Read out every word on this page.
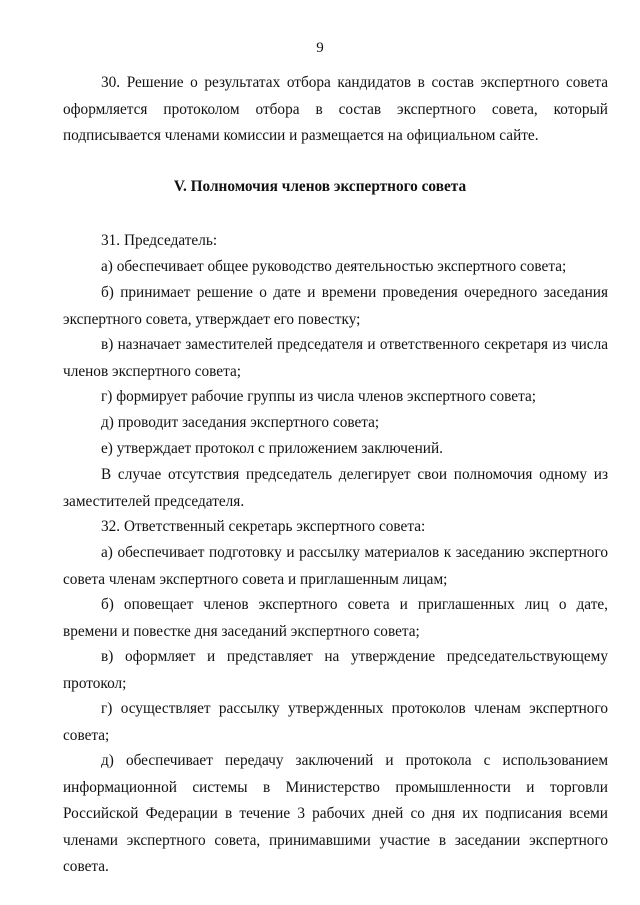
9

30. Решение о результатах отбора кандидатов в состав экспертного совета оформляется протоколом отбора в состав экспертного совета, который подписывается членами комиссии и размещается на официальном сайте.

V. Полномочия членов экспертного совета

31. Председатель:

а) обеспечивает общее руководство деятельностью экспертного совета;

б) принимает решение о дате и времени проведения очередного заседания экспертного совета, утверждает его повестку;

в) назначает заместителей председателя и ответственного секретаря из числа членов экспертного совета;

г) формирует рабочие группы из числа членов экспертного совета;

д) проводит заседания экспертного совета;

е) утверждает протокол с приложением заключений.

В случае отсутствия председатель делегирует свои полномочия одному из заместителей председателя.

32. Ответственный секретарь экспертного совета:

а) обеспечивает подготовку и рассылку материалов к заседанию экспертного совета членам экспертного совета и приглашенным лицам;

б) оповещает членов экспертного совета и приглашенных лиц о дате, времени и повестке дня заседаний экспертного совета;

в) оформляет и представляет на утверждение председательствующему протокол;

г) осуществляет рассылку утвержденных протоколов членам экспертного совета;

д) обеспечивает передачу заключений и протокола с использованием информационной системы в Министерство промышленности и торговли Российской Федерации в течение 3 рабочих дней со дня их подписания всеми членами экспертного совета, принимавшими участие в заседании экспертного совета.
